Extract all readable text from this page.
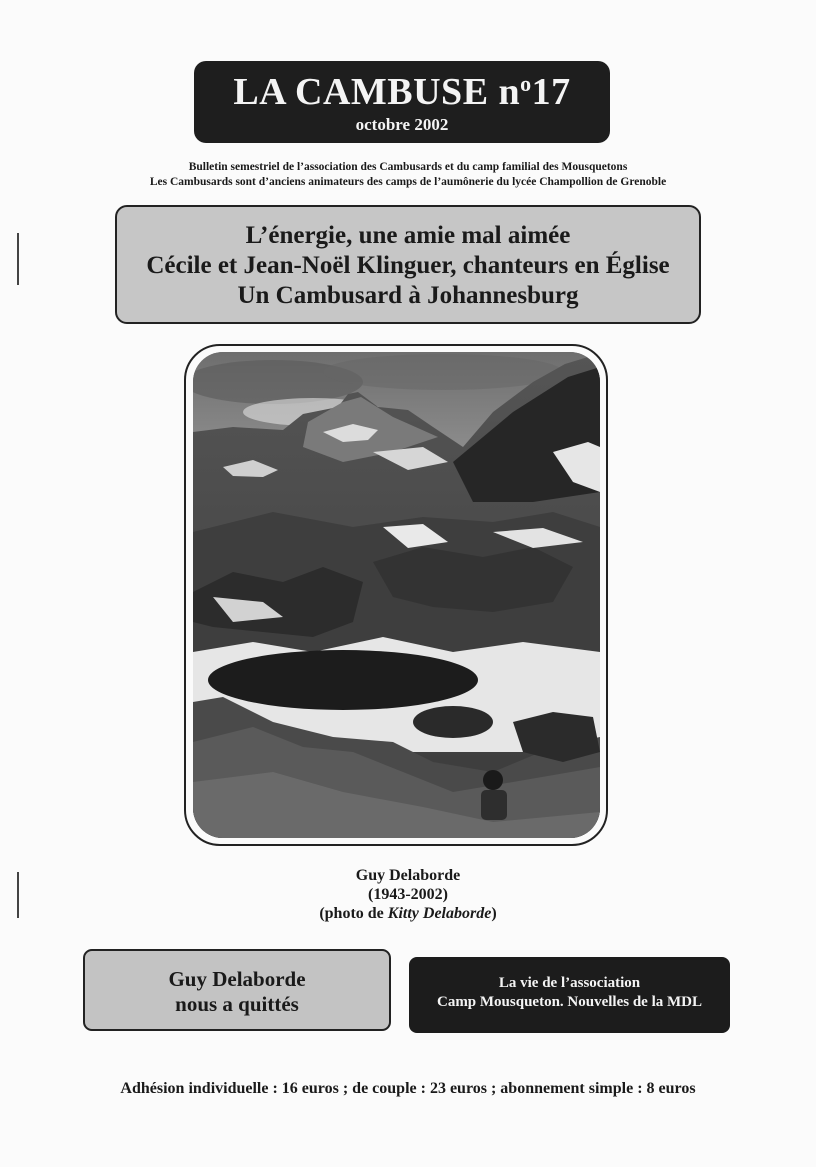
LA CAMBUSE $n^o17$
octobre 2002
Bulletin semestriel de l’association des Cambusards et du camp familial des Mousquetons
Les Cambusards sont d’anciens animateurs des camps de l’aumônerie du lycée Champollion de Grenoble
L’énergie, une amie mal aimée
Cécile et Jean-Noël Klinguer, chanteurs en Église
Un Cambusard à Johannesburg
Guy Delaborde
(1943-2002)
(photo de Kitty Delaborde)
Guy Delaborde
nous a quittés
La vie de l’association
Camp Mousqueton. Nouvelles de la MDL
Adhésion individuelle : 16 euros ; de couple : 23 euros ; abonnement simple : 8 euros
